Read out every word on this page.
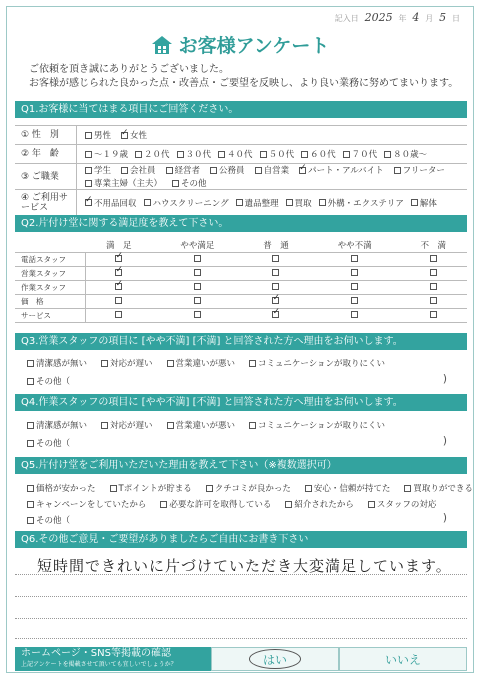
記入日 2025 年 4 月 5 日
お客様アンケート
ご依頼を頂き誠にありがとうございました。
お客様が感じられた良かった点・改善点・ご要望を反映し、より良い業務に努めてまいります。
Q1.お客様に当てはまる項目にご回答ください。
① 性　別	男性 ✓ 女性
② 年　齢	〜１９歳 ２０代 ３０代 ４０代 ５０代 ６０代 ７０代 ８０歳〜
③ ご職業
学生 会社員 経営者 公務員 自営業 ✓ パート・アルバイト フリーター
専業主婦（主夫） その他
④ ご利用サービス ✓	不用品回収 ハウスクリーニング 遺品整理 買取 外構・エクステリア 解体
Q2.片付け堂に関する満足度を教えて下さい。
	満　足	やや満足	普　通	やや不満	不　満
電話スタッフ	✓				
営業スタッフ	✓				
作業スタッフ	✓				
価　格			✓		
サービス			✓		
Q3.営業スタッフの項目に [やや不満] [不満] と回答された方へ理由をお伺いします。
清潔感が無い	対応が遅い	営業違いが悪い	コミュニケーションが取りにくい
その他（	)
Q4.作業スタッフの項目に [やや不満] [不満] と回答された方へ理由をお伺いします。
清潔感が無い	対応が遅い	営業違いが悪い	コミュニケーションが取りにくい
その他（	)
Q5.片付け堂をご利用いただいた理由を教えて下さい（※複数選択可）
価格が安かった	Tポイントが貯まる	クチコミが良かった	安心・信頼が持てた	買取りができる
キャンペーンをしていたから	必要な許可を取得している	紹介されたから	スタッフの対応
その他（	)
Q6.その他ご意見・ご要望がありましたらご自由にお書き下さい
短時間できれいに片づけていただき大変満足しています。
ホームページ・SNS等掲載の確認
上記アンケートを掲載させて頂いても宜しいでしょうか？	はい	いいえ
